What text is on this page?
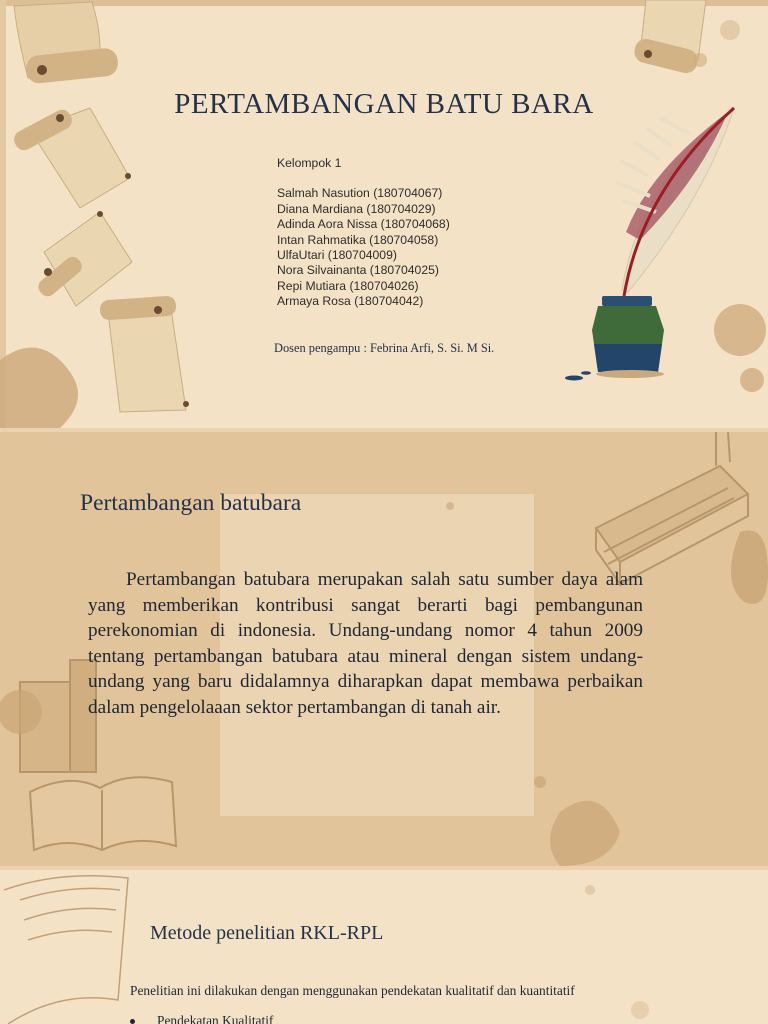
PERTAMBANGAN BATU BARA
Kelompok 1
Salmah Nasution (180704067)
Diana Mardiana (180704029)
Adinda Aora Nissa (180704068)
Intan Rahmatika (180704058)
UlfaUtari (180704009)
Nora Silvainanta (180704025)
Repi Mutiara (180704026)
Armaya Rosa (180704042)
Dosen pengampu : Febrina Arfi, S. Si. M Si.
Pertambangan batubara
Pertambangan batubara merupakan salah satu sumber daya alam yang memberikan kontribusi sangat berarti bagi pembangunan perekonomian di indonesia. Undang-undang nomor 4 tahun 2009 tentang pertambangan batubara atau mineral dengan sistem undang-undang yang baru didalamnya diharapkan dapat membawa perbaikan dalam pengelolaaan sektor pertambangan di tanah air.
Metode penelitian RKL-RPL
Penelitian ini dilakukan dengan menggunakan pendekatan kualitatif dan kuantitatif
Pendekatan Kualitatif
